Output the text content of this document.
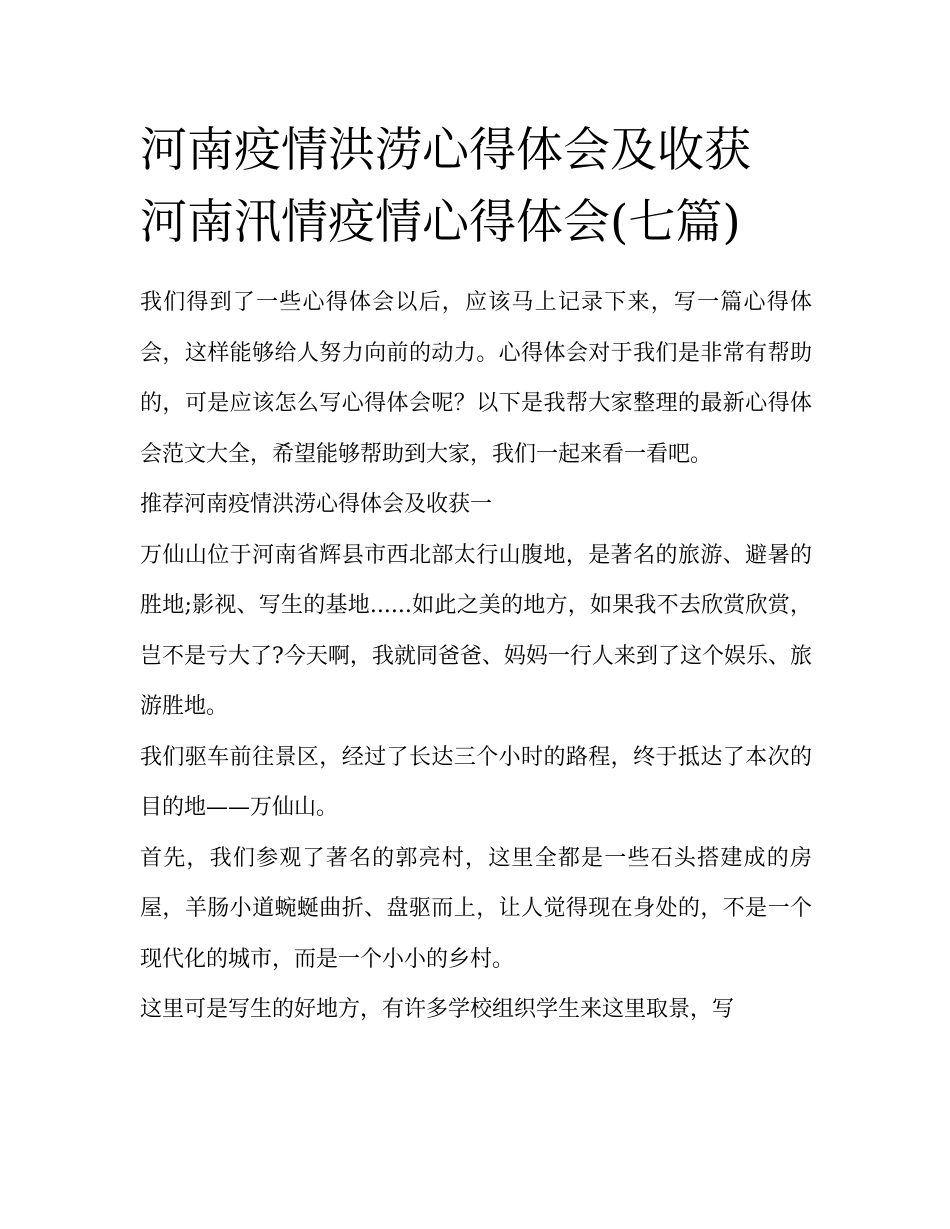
河南疫情洪涝心得体会及收获
河南汛情疫情心得体会(七篇)

我们得到了一些心得体会以后，应该马上记录下来，写一篇心得体会，这样能够给人努力向前的动力。心得体会对于我们是非常有帮助的，可是应该怎么写心得体会呢？以下是我帮大家整理的最新心得体会范文大全，希望能够帮助到大家，我们一起来看一看吧。

推荐河南疫情洪涝心得体会及收获一

万仙山位于河南省辉县市西北部太行山腹地，是著名的旅游、避暑的胜地;影视、写生的基地......如此之美的地方，如果我不去欣赏欣赏，岂不是亏大了?今天啊，我就同爸爸、妈妈一行人来到了这个娱乐、旅游胜地。

我们驱车前往景区，经过了长达三个小时的路程，终于抵达了本次的目的地——万仙山。

首先，我们参观了著名的郭亮村，这里全都是一些石头搭建成的房屋，羊肠小道蜿蜒曲折、盘驱而上，让人觉得现在身处的，不是一个现代化的城市，而是一个小小的乡村。

这里可是写生的好地方，有许多学校组织学生来这里取景，写
